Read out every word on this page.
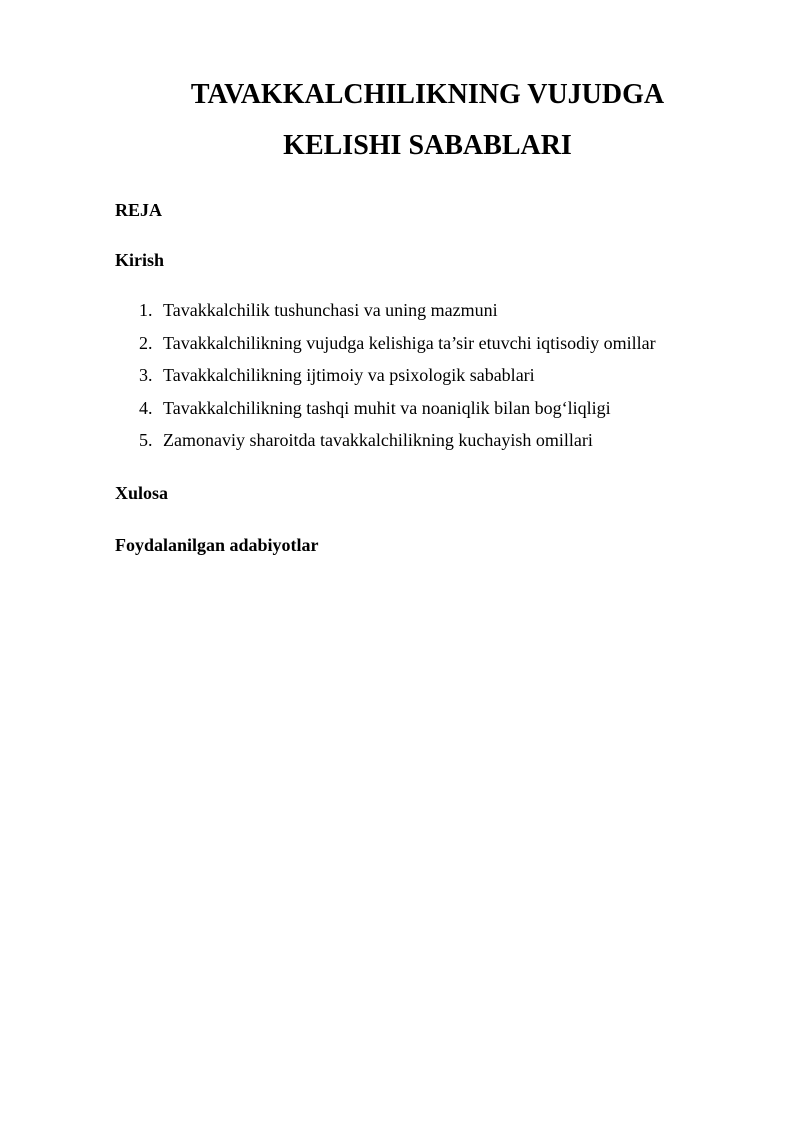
TAVAKKALCHILIKNING VUJUDGA
KELISHI SABABLARI
REJA
Kirish
1. Tavakkalchilik tushunchasi va uning mazmuni
2. Tavakkalchilikning vujudga kelishiga ta’sir etuvchi iqtisodiy omillar
3. Tavakkalchilikning ijtimoiy va psixologik sabablari
4. Tavakkalchilikning tashqi muhit va noaniqlik bilan bog‘liqligi
5. Zamonaviy sharoitda tavakkalchilikning kuchayish omillari
Xulosa
Foydalanilgan adabiyotlar
